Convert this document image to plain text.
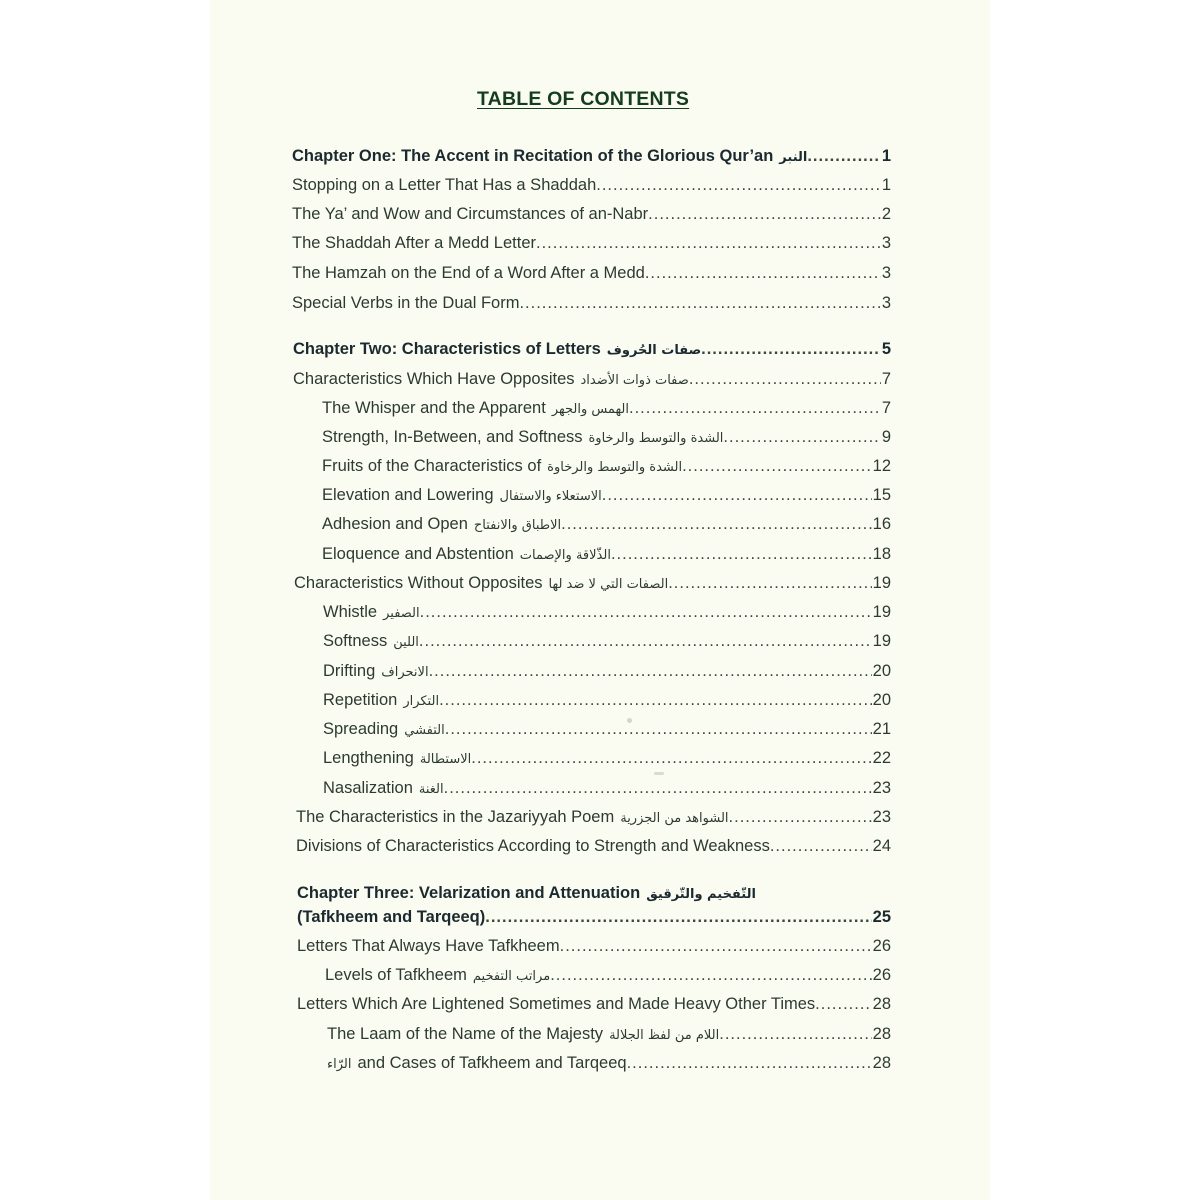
TABLE OF CONTENTS
Chapter One: The Accent in Recitation of the Glorious Qur’an النبر .....	1
Stopping on a Letter That Has a Shaddah .....	1
The Ya’ and Wow and Circumstances of an-Nabr .....	2
The Shaddah After a Medd Letter .....	3
The Hamzah on the End of a Word After a Medd .....	3
Special Verbs in the Dual Form .....	3
Chapter Two: Characteristics of Letters صفات الحُروف .....	5
Characteristics Which Have Opposites صفات ذوات الأضداد .....	7
The Whisper and the Apparent الهمس والجهر .....	7
Strength, In-Between, and Softness الشدة والتوسط والرخاوة .....	9
Fruits of the Characteristics of الشدة والتوسط والرخاوة .....	12
Elevation and Lowering الاستعلاء والاستفال .....	15
Adhesion and Open الاطباق والانفتاح .....	16
Eloquence and Abstention الذّلاقة والإصمات .....	18
Characteristics Without Opposites الصفات التي لا ضد لها .....	19
Whistle الصفير .....	19
Softness اللين .....	19
Drifting الانحراف .....	20
Repetition التكرار .....	20
Spreading التفشي .....	21
Lengthening الاستطالة .....	22
Nasalization الغنة .....	23
The Characteristics in the Jazariyyah Poem الشواهد من الجزرية .....	23
Divisions of Characteristics According to Strength and Weakness .....	24
Chapter Three: Velarization and Attenuation التّفخيم والتّرقيق
(Tafkheem and Tarqeeq) .....	25
Letters That Always Have Tafkheem .....	26
Levels of Tafkheem مراتب التفخيم .....	26
Letters Which Are Lightened Sometimes and Made Heavy Other Times .....	28
The Laam of the Name of the Majesty اللام من لفظ الجلالة .....	28
الرّاء and Cases of Tafkheem and Tarqeeq .....	28
